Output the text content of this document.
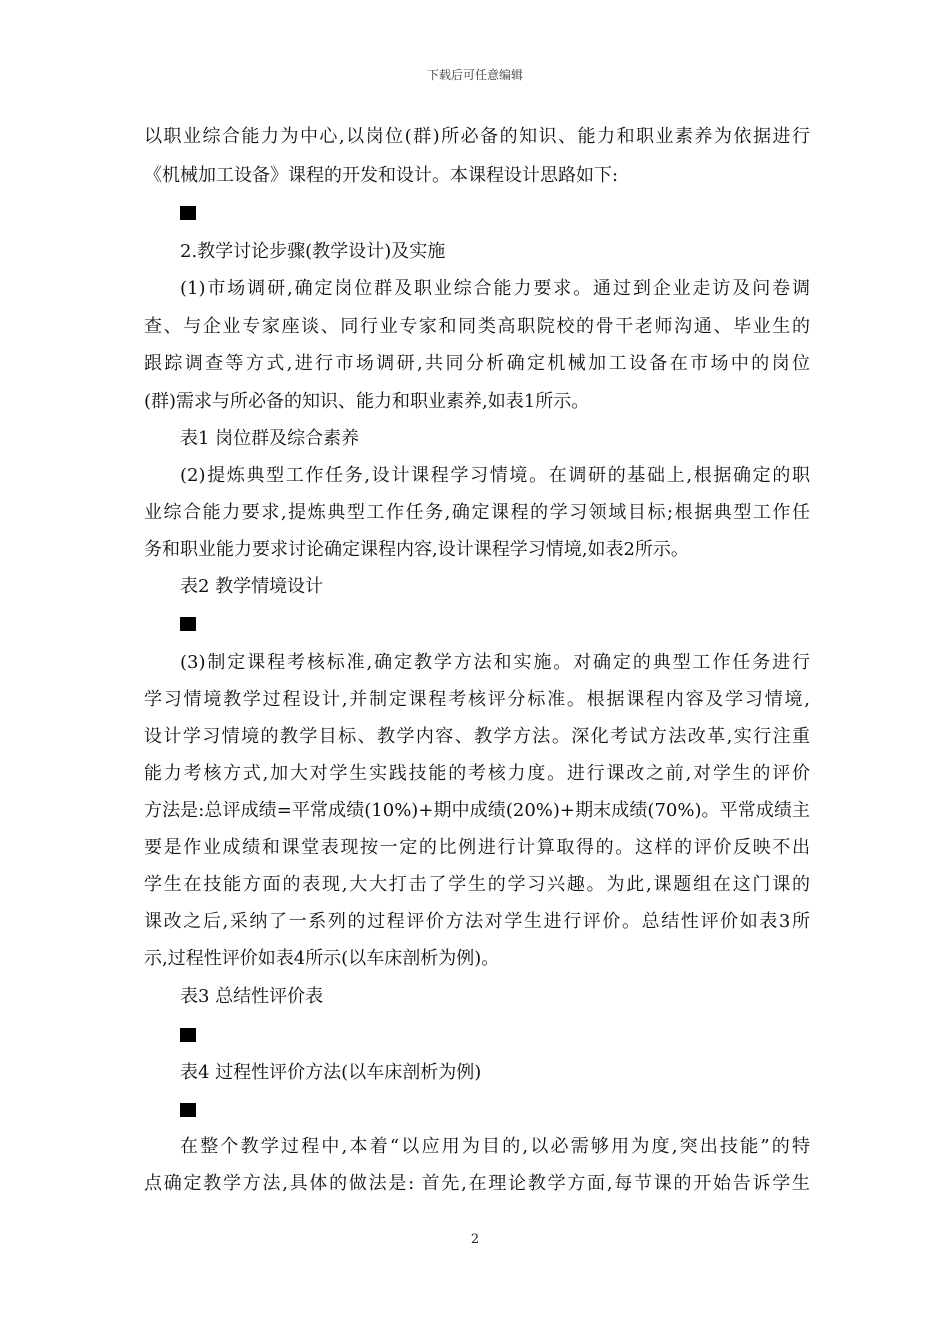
下载后可任意编辑
以职业综合能力为中心,以岗位(群)所必备的知识、能力和职业素养为依据进行
《机械加工设备》课程的开发和设计。本课程设计思路如下:
2.教学讨论步骤(教学设计)及实施
(1)市场调研,确定岗位群及职业综合能力要求。通过到企业走访及问卷调
查、与企业专家座谈、同行业专家和同类高职院校的骨干老师沟通、毕业生的
跟踪调查等方式,进行市场调研,共同分析确定机械加工设备在市场中的岗位
(群)需求与所必备的知识、能力和职业素养,如表1所示。
表1 岗位群及综合素养
(2)提炼典型工作任务,设计课程学习情境。在调研的基础上,根据确定的职
业综合能力要求,提炼典型工作任务,确定课程的学习领域目标;根据典型工作任
务和职业能力要求讨论确定课程内容,设计课程学习情境,如表2所示。
表2 教学情境设计
(3)制定课程考核标准,确定教学方法和实施。对确定的典型工作任务进行
学习情境教学过程设计,并制定课程考核评分标准。根据课程内容及学习情境,
设计学习情境的教学目标、教学内容、教学方法。深化考试方法改革,实行注重
能力考核方式,加大对学生实践技能的考核力度。进行课改之前,对学生的评价
方法是:总评成绩=平常成绩(10%)+期中成绩(20%)+期末成绩(70%)。平常成绩主
要是作业成绩和课堂表现按一定的比例进行计算取得的。这样的评价反映不出
学生在技能方面的表现,大大打击了学生的学习兴趣。为此,课题组在这门课的
课改之后,采纳了一系列的过程评价方法对学生进行评价。总结性评价如表3所
示,过程性评价如表4所示(以车床剖析为例)。
表3 总结性评价表
表4 过程性评价方法(以车床剖析为例)
在整个教学过程中,本着“以应用为目的,以必需够用为度,突出技能”的特
点确定教学方法,具体的做法是: 首先,在理论教学方面,每节课的开始告诉学生
2
